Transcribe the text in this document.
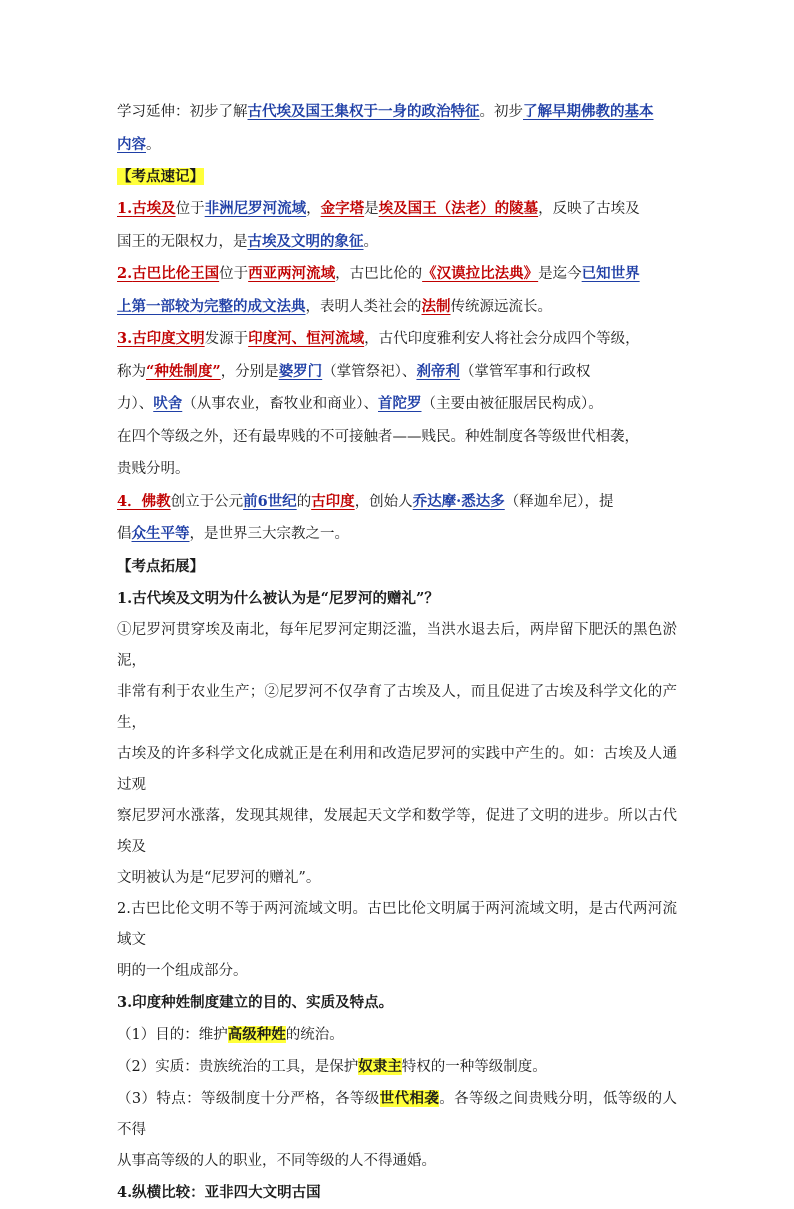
学习延伸：初步了解古代埃及国王集权于一身的政治特征。初步了解早期佛教的基本
内容。

【考点速记】

1.古埃及位于非洲尼罗河流域，金字塔是埃及国王（法老）的陵墓，反映了古埃及
国王的无限权力，是古埃及文明的象征。

2.古巴比伦王国位于西亚两河流域，古巴比伦的《汉谟拉比法典》是迄今已知世界
上第一部较为完整的成文法典，表明人类社会的法制传统源远流长。

3.古印度文明发源于印度河、恒河流域，古代印度雅利安人将社会分成四个等级，
称为“种姓制度”，分别是婆罗门（掌管祭祀）、刹帝利（掌管军事和行政权
力）、吠舍（从事农业，畜牧业和商业）、首陀罗（主要由被征服居民构成）。
在四个等级之外，还有最卑贱的不可接触者——贱民。种姓制度各等级世代相袭，
贵贱分明。

4．佛教创立于公元前6世纪的古印度，创始人乔达摩·悉达多（释迦牟尼），提
倡众生平等，是世界三大宗教之一。

【考点拓展】

1.古代埃及文明为什么被认为是“尼罗河的赠礼”？

①尼罗河贯穿埃及南北，每年尼罗河定期泛滥，当洪水退去后，两岸留下肥沃的黑色淤泥，
非常有利于农业生产；②尼罗河不仅孕育了古埃及人，而且促进了古埃及科学文化的产生，
古埃及的许多科学文化成就正是在利用和改造尼罗河的实践中产生的。如：古埃及人通过观
察尼罗河水涨落，发现其规律，发展起天文学和数学等，促进了文明的进步。所以古代埃及
文明被认为是“尼罗河的赠礼”。

2.古巴比伦文明不等于两河流域文明。古巴比伦文明属于两河流域文明，是古代两河流域文
明的一个组成部分。

3.印度种姓制度建立的目的、实质及特点。

（1）目的：维护高级种姓的统治。

（2）实质：贵族统治的工具，是保护奴隶主特权的一种等级制度。

（3）特点：等级制度十分严格，各等级世代相袭。各等级之间贵贱分明，低等级的人不得
从事高等级的人的职业，不同等级的人不得通婚。

4.纵横比较：亚非四大文明古国
